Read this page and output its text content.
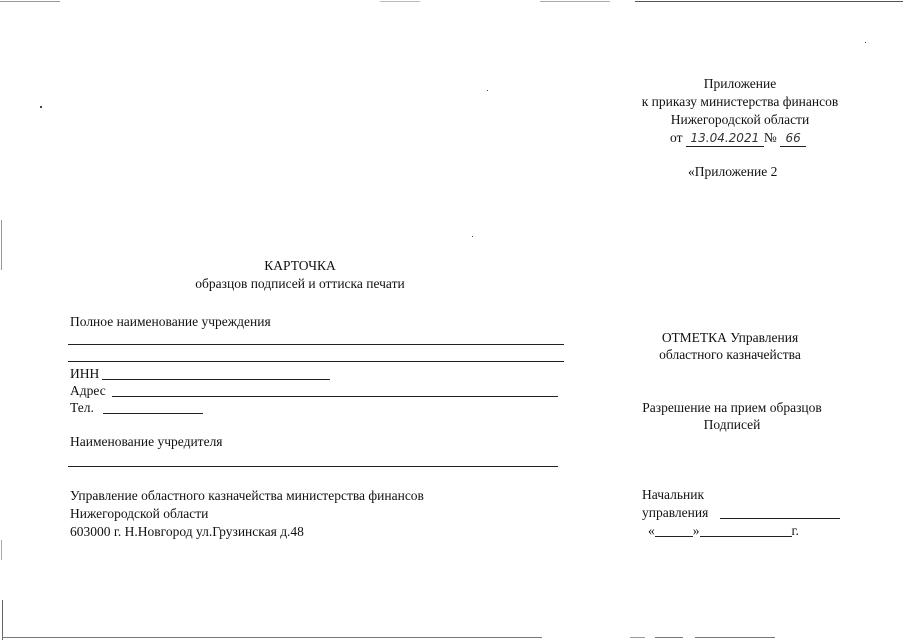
Приложение
к приказу министерства финансов
Нижегородской области
от 13.04.2021 № 66
«Приложение 2
КАРТОЧКА
образцов подписей и оттиска печати
Полное наименование учреждения
ИНН
Адрес
Тел.
Наименование учредителя
Управление областного казначейства министерства финансов
Нижегородской области
603000 г. Н.Новгород ул.Грузинская д.48
ОТМЕТКА Управления
областного казначейства
Разрешение на прием образцов
Подписей
Начальник
управления
«	»	г.
